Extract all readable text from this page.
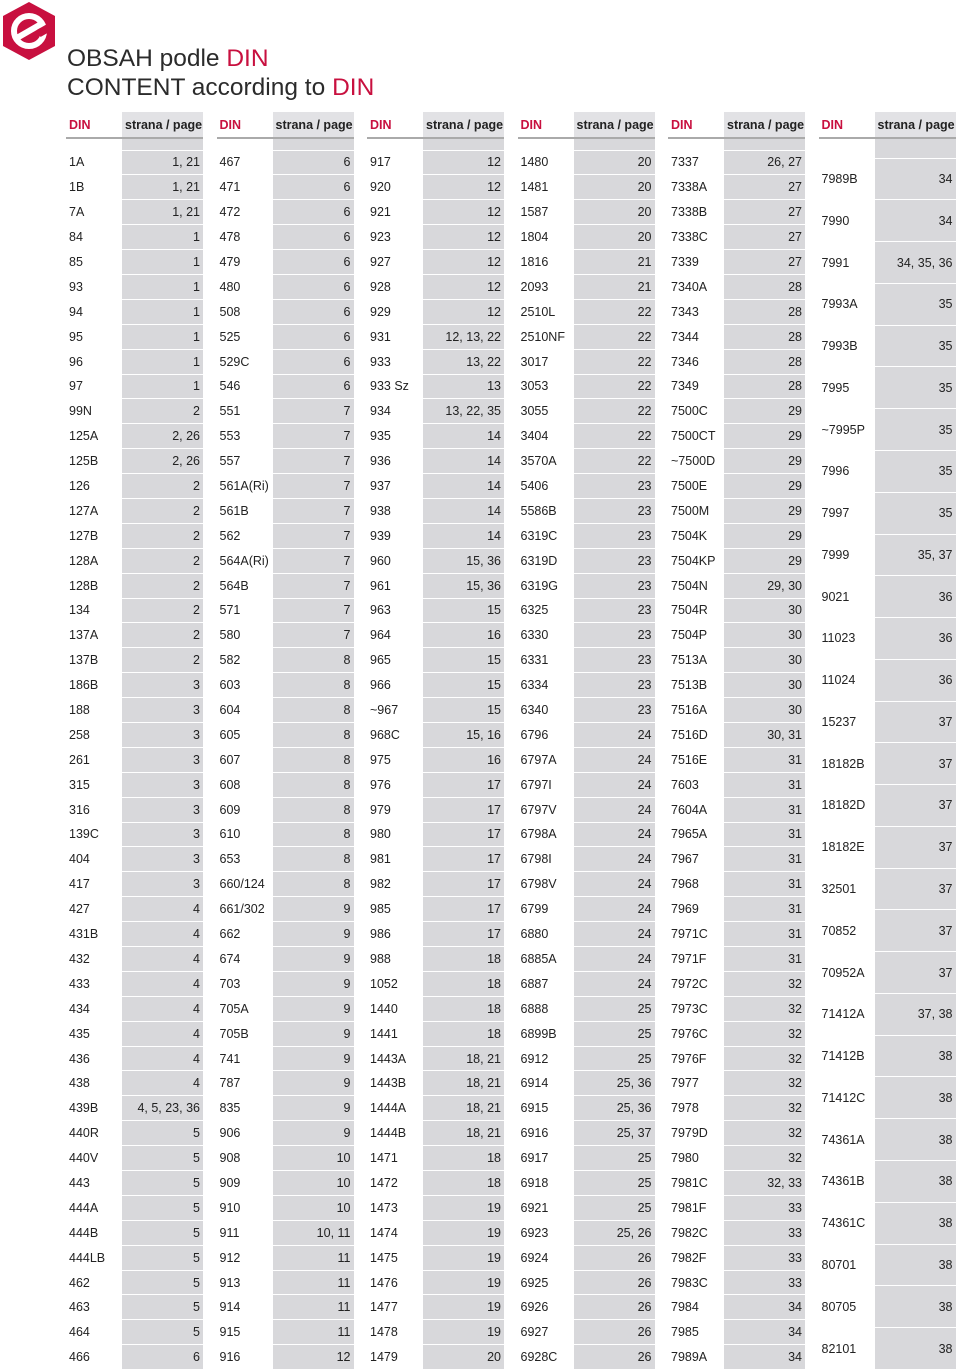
OBSAH podle DIN
CONTENT according to DIN
DIN	strana / page

1A	1, 21
1B	1, 21
7A	1, 21
84	1
85	1
93	1
94	1
95	1
96	1
97	1
99N	2
125A	2, 26
125B	2, 26
126	2
127A	2
127B	2
128A	2
128B	2
134	2
137A	2
137B	2
186B	3
188	3
258	3
261	3
315	3
316	3
139C	3
404	3
417	3
427	4
431B	4
432	4
433	4
434	4
435	4
436	4
438	4
439B	4, 5, 23, 36
440R	5
440V	5
443	5
444A	5
444B	5
444LB	5
462	5
463	5
464	5
466	6
DIN	strana / page

467	6
471	6
472	6
478	6
479	6
480	6
508	6
525	6
529C	6
546	6
551	7
553	7
557	7
561A(Ri)	7
561B	7
562	7
564A(Ri)	7
564B	7
571	7
580	7
582	8
603	8
604	8
605	8
607	8
608	8
609	8
610	8
653	8
660/124	8
661/302	9
662	9
674	9
703	9
705A	9
705B	9
741	9
787	9
835	9
906	9
908	10
909	10
910	10
911	10, 11
912	11
913	11
914	11
915	11
916	12
DIN	strana / page

917	12
920	12
921	12
923	12
927	12
928	12
929	12
931	12, 13, 22
933	13, 22
933 Sz	13
934	13, 22, 35
935	14
936	14
937	14
938	14
939	14
960	15, 36
961	15, 36
963	15
964	16
965	15
966	15
~967	15
968C	15, 16
975	16
976	17
979	17
980	17
981	17
982	17
985	17
986	17
988	18
1052	18
1440	18
1441	18
1443A	18, 21
1443B	18, 21
1444A	18, 21
1444B	18, 21
1471	18
1472	18
1473	19
1474	19
1475	19
1476	19
1477	19
1478	19
1479	20
DIN	strana / page

1480	20
1481	20
1587	20
1804	20
1816	21
2093	21
2510L	22
2510NF	22
3017	22
3053	22
3055	22
3404	22
3570A	22
5406	23
5586B	23
6319C	23
6319D	23
6319G	23
6325	23
6330	23
6331	23
6334	23
6340	23
6796	24
6797A	24
6797I	24
6797V	24
6798A	24
6798I	24
6798V	24
6799	24
6880	24
6885A	24
6887	24
6888	25
6899B	25
6912	25
6914	25, 36
6915	25, 36
6916	25, 37
6917	25
6918	25
6921	25
6923	25, 26
6924	26
6925	26
6926	26
6927	26
6928C	26
DIN	strana / page

7337	26, 27
7338A	27
7338B	27
7338C	27
7339	27
7340A	28
7343	28
7344	28
7346	28
7349	28
7500C	29
7500CT	29
~7500D	29
7500E	29
7500M	29
7504K	29
7504KP	29
7504N	29, 30
7504R	30
7504P	30
7513A	30
7513B	30
7516A	30
7516D	30, 31
7516E	31
7603	31
7604A	31
7965A	31
7967	31
7968	31
7969	31
7971C	31
7971F	31
7972C	32
7973C	32
7976C	32
7976F	32
7977	32
7978	32
7979D	32
7980	32
7981C	32, 33
7981F	33
7982C	33
7982F	33
7983C	33
7984	34
7985	34
7989A	34
DIN	strana / page

7989B	34
7990	34
7991	34, 35, 36
7993A	35
7993B	35
7995	35
~7995P	35
7996	35
7997	35
7999	35, 37
9021	36
11023	36
11024	36
15237	37
18182B	37
18182D	37
18182E	37
32501	37
70852	37
70952A	37
71412A	37, 38
71412B	38
71412C	38
74361A	38
74361B	38
74361C	38
80701	38
80705	38
82101	38
